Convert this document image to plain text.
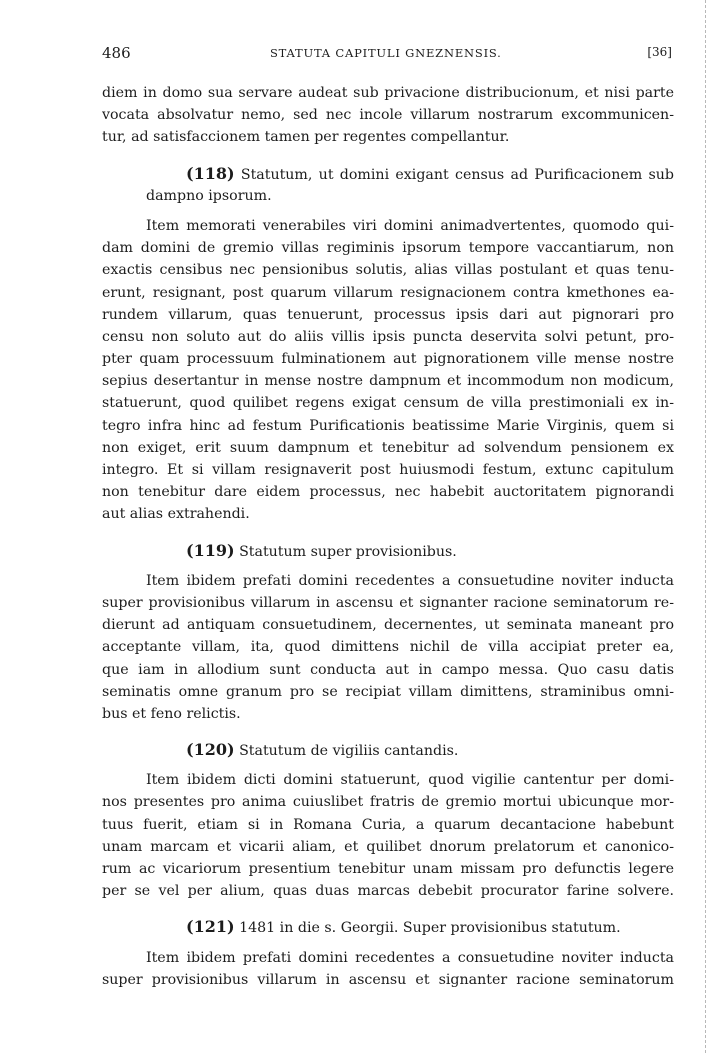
486	STATUTA CAPITULI GNEZNENSIS.	[36]
diem in domo sua servare audeat sub privacione distribucionum, et nisi parte
vocata absolvatur nemo, sed nec incole villarum nostrarum excommunicen-
tur, ad satisfaccionem tamen per regentes compellantur.
(118) Statutum, ut domini exigant census ad Purificacionem sub
dampno ipsorum.
Item memorati venerabiles viri domini animadvertentes, quomodo qui-
dam domini de gremio villas regiminis ipsorum tempore vaccantiarum, non
exactis censibus nec pensionibus solutis, alias villas postulant et quas tenu-
erunt, resignant, post quarum villarum resignacionem contra kmethones ea-
rundem villarum, quas tenuerunt, processus ipsis dari aut pignorari pro
censu non soluto aut do aliis villis ipsis puncta deservita solvi petunt, pro-
pter quam processuum fulminationem aut pignorationem ville mense nostre
sepius desertantur in mense nostre dampnum et incommodum non modicum,
statuerunt, quod quilibet regens exigat censum de villa prestimoniali ex in-
tegro infra hinc ad festum Purificationis beatissime Marie Virginis, quem si
non exiget, erit suum dampnum et tenebitur ad solvendum pensionem ex
integro. Et si villam resignaverit post huiusmodi festum, extunc capitulum
non tenebitur dare eidem processus, nec habebit auctoritatem pignorandi
aut alias extrahendi.
(119) Statutum super provisionibus.
Item ibidem prefati domini recedentes a consuetudine noviter inducta
super provisionibus villarum in ascensu et signanter racione seminatorum re-
dierunt ad antiquam consuetudinem, decernentes, ut seminata maneant pro
acceptante villam, ita, quod dimittens nichil de villa accipiat preter ea,
que iam in allodium sunt conducta aut in campo messa. Quo casu datis
seminatis omne granum pro se recipiat villam dimittens, straminibus omni-
bus et feno relictis.
(120) Statutum de vigiliis cantandis.
Item ibidem dicti domini statuerunt, quod vigilie cantentur per domi-
nos presentes pro anima cuiuslibet fratris de gremio mortui ubicunque mor-
tuus fuerit, etiam si in Romana Curia, a quarum decantacione habebunt
unam marcam et vicarii aliam, et quilibet dnorum prelatorum et canonico-
rum ac vicariorum presentium tenebitur unam missam pro defunctis legere
per se vel per alium, quas duas marcas debebit procurator farine solvere.
(121) 1481 in die s. Georgii. Super provisionibus statutum.
Item ibidem prefati domini recedentes a consuetudine noviter inducta
super provisionibus villarum in ascensu et signanter racione seminatorum
